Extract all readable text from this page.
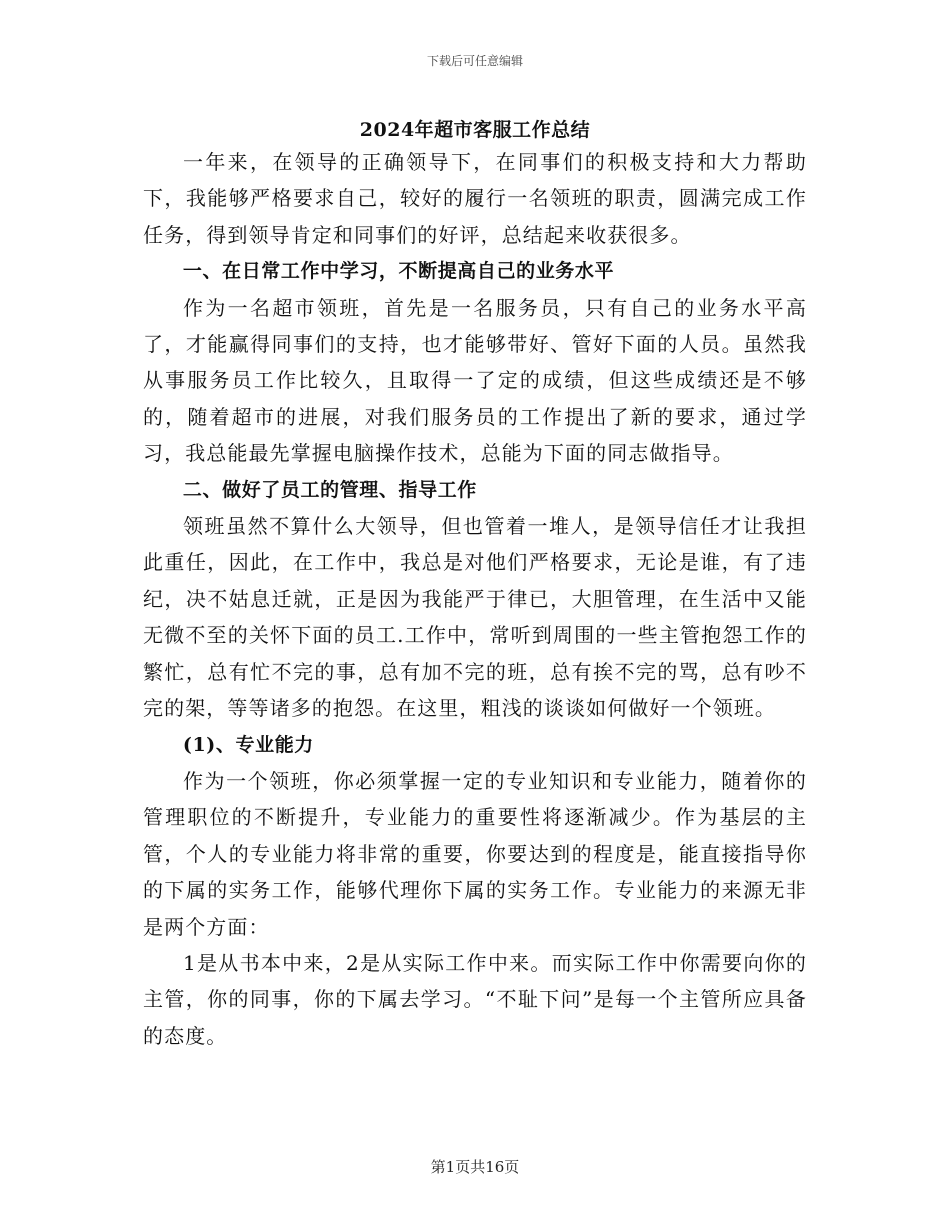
下载后可任意编辑
2024年超市客服工作总结

一年来，在领导的正确领导下，在同事们的积极支持和大力帮助下，我能够严格要求自己，较好的履行一名领班的职责，圆满完成工作任务，得到领导肯定和同事们的好评，总结起来收获很多。

一、在日常工作中学习，不断提高自己的业务水平

作为一名超市领班，首先是一名服务员，只有自己的业务水平高了，才能赢得同事们的支持，也才能够带好、管好下面的人员。虽然我从事服务员工作比较久，且取得一了定的成绩，但这些成绩还是不够的，随着超市的进展，对我们服务员的工作提出了新的要求，通过学习，我总能最先掌握电脑操作技术，总能为下面的同志做指导。

二、做好了员工的管理、指导工作

领班虽然不算什么大领导，但也管着一堆人，是领导信任才让我担此重任，因此，在工作中，我总是对他们严格要求，无论是谁，有了违纪，决不姑息迁就，正是因为我能严于律已，大胆管理，在生活中又能无微不至的关怀下面的员工.工作中，常听到周围的一些主管抱怨工作的繁忙，总有忙不完的事，总有加不完的班，总有挨不完的骂，总有吵不完的架，等等诸多的抱怨。在这里，粗浅的谈谈如何做好一个领班。

(1)、专业能力

作为一个领班，你必须掌握一定的专业知识和专业能力，随着你的管理职位的不断提升，专业能力的重要性将逐渐减少。作为基层的主管，个人的专业能力将非常的重要，你要达到的程度是，能直接指导你的下属的实务工作，能够代理你下属的实务工作。专业能力的来源无非是两个方面：

1是从书本中来，2是从实际工作中来。而实际工作中你需要向你的主管，你的同事，你的下属去学习。“不耻下问”是每一个主管所应具备的态度。

第1页共16页
